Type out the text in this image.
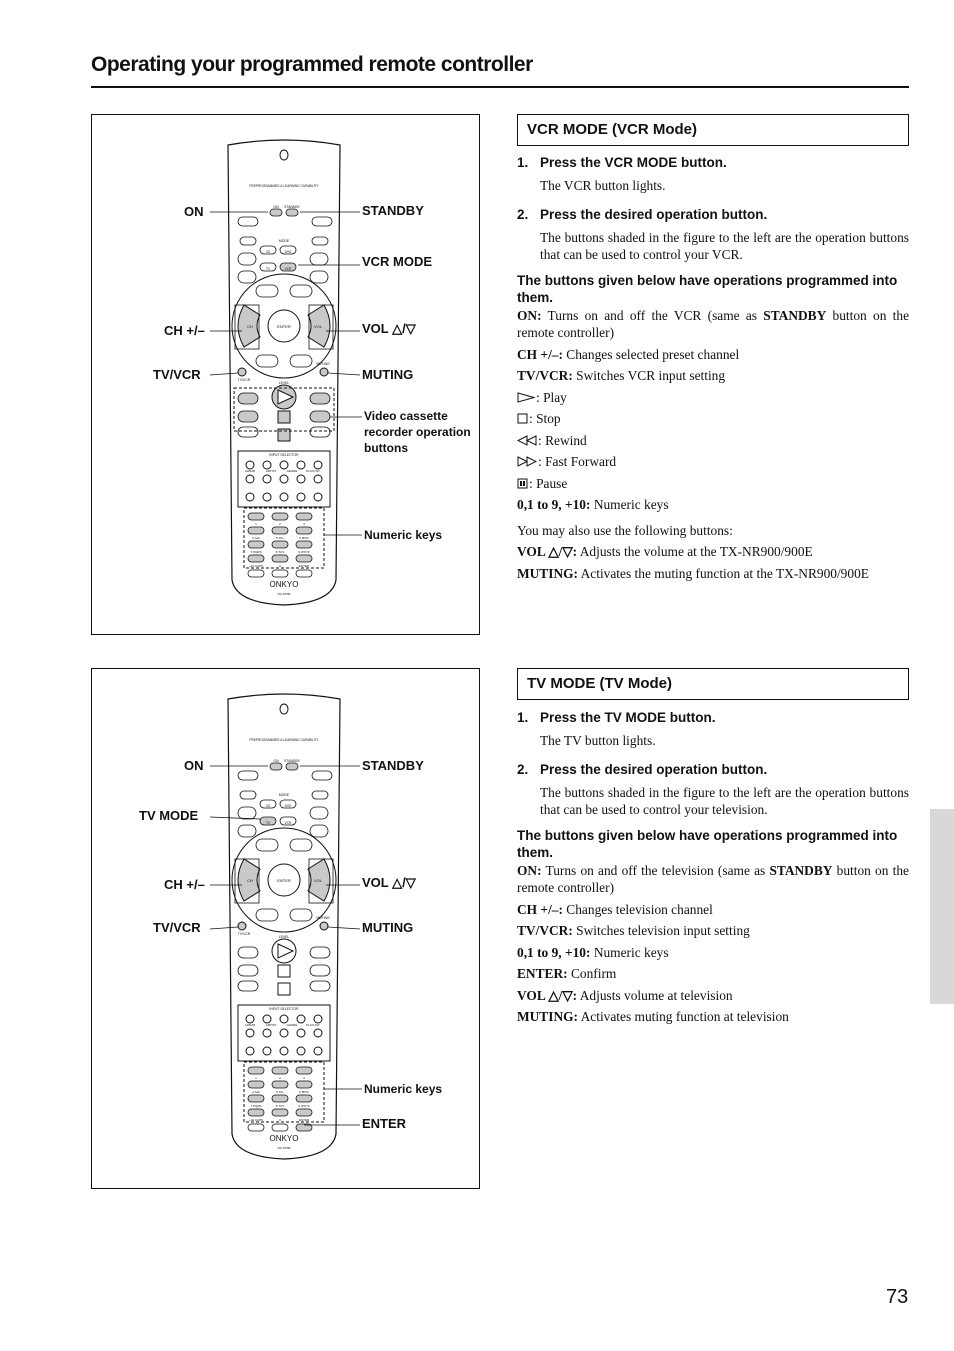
Operating your programmed remote controller
PREPROGRAMMED & LEARNING CAPABILITY
ON STANDBY
MODE
CD	DVD
TV	VCR
ENTER
CH	VOL
TV/VCR
MUTING
LEVEL
INPUT SELECTOR
ALBUM	ARTIST	GENRE	PLAYLIST
1	2	3
4 GHI	5 JKL	6 MNO
7 PQRS	8 TUV	9 WXYZ
+10 CAPS	0	ENTER
ONKYO
RC-575M
ON	STANDBY
VCR MODE
CH +/–	VOL △/▽
TV/VCR	MUTING
Video cassette recorder operation buttons
Numeric keys
PREPROGRAMMED & LEARNING CAPABILITY
ON STANDBY
MODE
CD	DVD
TV	VCR
ENTER
CH	VOL
TV/VCR
MUTING
LEVEL
INPUT SELECTOR
ALBUM	ARTIST	GENRE	PLAYLIST
1	2	3
4 GHI	5 JKL	6 MNO
7 PQRS	8 TUV	9 WXYZ
+10 CAPS	0	ENTER
ONKYO
RC-575M
ON	STANDBY
TV MODE
CH +/–	VOL △/▽
TV/VCR	MUTING
Numeric keys
ENTER
VCR MODE (VCR Mode)
1. Press the VCR MODE button.
The VCR button lights.
2. Press the desired operation button.
The buttons shaded in the figure to the left are the operation buttons that can be used to control your VCR.
The buttons given below have operations programmed into them.

ON: Turns on and off the VCR (same as STANDBY button on the remote controller)

CH +/–: Changes selected preset channel

TV/VCR: Switches VCR input setting

: Play

: Stop

: Rewind

: Fast Forward

: Pause

0,1 to 9, +10: Numeric keys

You may also use the following buttons:

VOL △/▽: Adjusts the volume at the TX-NR900/900E

MUTING: Activates the muting function at the TX-NR900/900E

TV MODE (TV Mode)
1. Press the TV MODE button.
The TV button lights.
2. Press the desired operation button.
The buttons shaded in the figure to the left are the operation buttons that can be used to control your television.
The buttons given below have operations programmed into them.

ON: Turns on and off the television (same as STANDBY button on the remote controller)

CH +/–: Changes television channel

TV/VCR: Switches television input setting

0,1 to 9, +10: Numeric keys

ENTER: Confirm

VOL △/▽: Adjusts volume at television

MUTING: Activates muting function at television

73
